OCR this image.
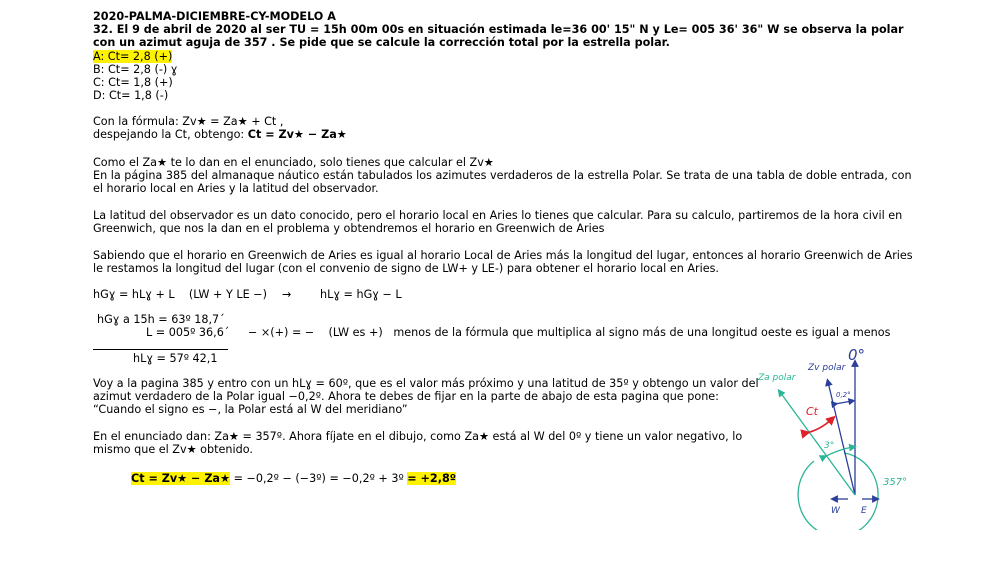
2020-PALMA-DICIEMBRE-CY-MODELO A
32. El 9 de abril de 2020 al ser TU = 15h 00m 00s en situación estimada le=36 00' 15" N y Le= 005 36' 36" W se observa la polar
con un azimut aguja de 357 . Se pide que se calcule la corrección total por la estrella polar.
A: Ct= 2,8 (+)
B: Ct= 2,8 (-) ɣ
C: Ct= 1,8 (+)
D: Ct= 1,8 (-)
Con la fórmula: Zv★ = Za★ + Ct ,
despejando la Ct, obtengo: Ct = Zv★ − Za★
Como el Za★ te lo dan en el enunciado, solo tienes que calcular el Zv★
En la página 385 del almanaque náutico están tabulados los azimutes verdaderos de la estrella Polar. Se trata de una tabla de doble entrada, con
el horario local en Aries y la latitud del observador.
La latitud del observador es un dato conocido, pero el horario local en Aries lo tienes que calcular. Para su calculo, partiremos de la hora civil en
Greenwich, que nos la dan en el problema y obtendremos el horario en Greenwich de Aries
Sabiendo que el horario en Greenwich de Aries es igual al horario Local de Aries más la longitud del lugar, entonces al horario Greenwich de Aries
le restamos la longitud del lugar (con el convenio de signo de LW+ y LE-) para obtener el horario local en Aries.
hGɣ = hLɣ + L    (LW + Y LE −) →	hLɣ = hGɣ − L
hGɣ a 15h = 63º 18,7´
L = 005º 36,6´ − ×(+) = −    (LW es +)   menos de la fórmula que multiplica al signo más de una longitud oeste es igual a menos
hLɣ = 57º 42,1
Voy a la pagina 385 y entro con un hLɣ = 60º, que es el valor más próximo y una latitud de 35º y obtengo un valor del
azimut verdadero de la Polar igual −0,2º. Ahora te debes de fijar en la parte de abajo de esta pagina que pone:
“Cuando el signo es −, la Polar está al W del meridiano”
En el enunciado dan: Za★ = 357º. Ahora fíjate en el dibujo, como Za★ está al W del 0º y tiene un valor negativo, lo
mismo que el Zv★ obtenido.
Ct = Zv★ − Za★ = −0,2º − (−3º) = −0,2º + 3º = +2,8º
0°
Zv polar
Za polar
0,2°
Ct
3°
357°
W E
